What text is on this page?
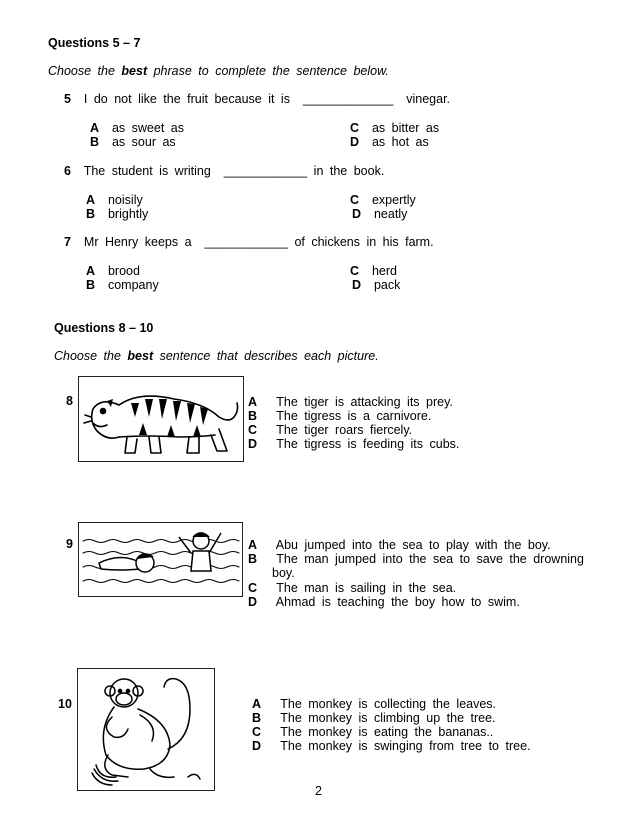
Questions 5 – 7
Choose the best phrase to complete the sentence below.
5 I do not like the fruit because it is _____________ vinegar.
A as sweet as
B as sour as
C as bitter as
D as hot as
6 The student is writing ____________ in the book.
A noisily
B brightly
C expertly
D neatly
7 Mr Henry keeps a ____________ of chickens in his farm.
A brood
B company
C herd
D pack
Questions 8 – 10
Choose the best sentence that describes each picture.
8	A The tiger is attacking its prey.
B The tigress is a carnivore.
C The tiger roars fiercely.
D The tigress is feeding its cubs.
9	A Abu jumped into the sea to play with the boy.
B The man jumped into the sea to save the drowning
boy.
C The man is sailing in the sea.
D Ahmad is teaching the boy how to swim.
10	A The monkey is collecting the leaves.
B The monkey is climbing up the tree.
C The monkey is eating the bananas..
D The monkey is swinging from tree to tree.
2
